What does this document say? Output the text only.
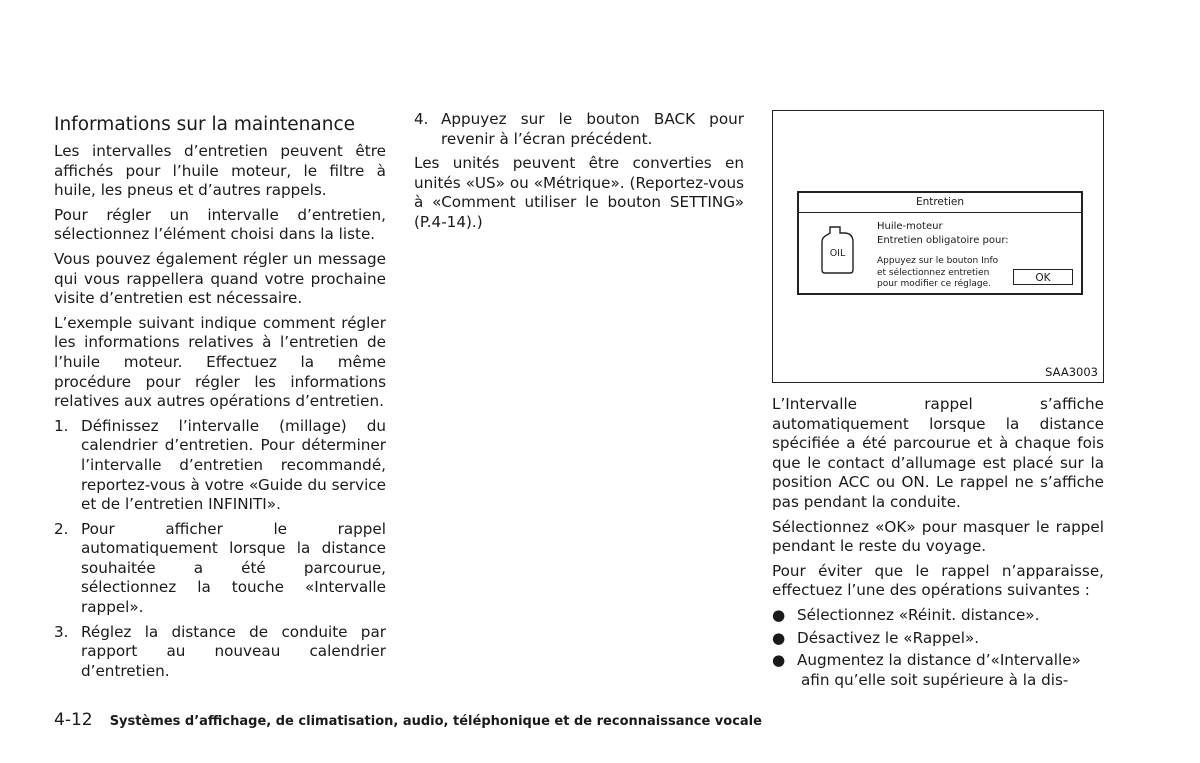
Informations sur la maintenance

Les intervalles d’entretien peuvent être affichés pour l’huile moteur, le filtre à huile, les pneus et d’autres rappels.

Pour régler un intervalle d’entretien, sélectionnez l’élément choisi dans la liste.

Vous pouvez également régler un message qui vous rappellera quand votre prochaine visite d’entretien est nécessaire.

L’exemple suivant indique comment régler les informations relatives à l’entretien de l’huile moteur. Effectuez la même procédure pour régler les informations relatives aux autres opérations d’entretien.

1. Définissez l’intervalle (millage) du calendrier d’entretien. Pour déterminer l’intervalle d’entretien recommandé, reportez-vous à votre «Guide du service et de l’entretien INFINITI».
2. Pour afficher le rappel automatiquement lorsque la distance souhaitée a été parcourue, sélectionnez la touche «Intervalle rappel».
3. Réglez la distance de conduite par rapport au nouveau calendrier d’entretien.
4. Appuyez sur le bouton BACK pour revenir à l’écran précédent.

Les unités peuvent être converties en unités «US» ou «Métrique». (Reportez-vous à «Comment utiliser le bouton SETTING» (P.4-14).)

Entretien
OIL
Huile-moteur
Entretien obligatoire pour:
Appuyez sur le bouton Info
et sélectionnez entretien
pour modifier ce réglage.	OK
SAA3003

L’Intervalle rappel s’affiche automatiquement lorsque la distance spécifiée a été parcourue et à chaque fois que le contact d’allumage est placé sur la position ACC ou ON. Le rappel ne s’affiche pas pendant la conduite.

Sélectionnez «OK» pour masquer le rappel pendant le reste du voyage.

Pour éviter que le rappel n’apparaisse, effectuez l’une des opérations suivantes :

● Sélectionnez «Réinit. distance».
● Désactivez le «Rappel».
● Augmentez la distance d’«Intervalle»
afin qu’elle soit supérieure à la dis-
4-12 Systèmes d’affichage, de climatisation, audio, téléphonique et de reconnaissance vocale
